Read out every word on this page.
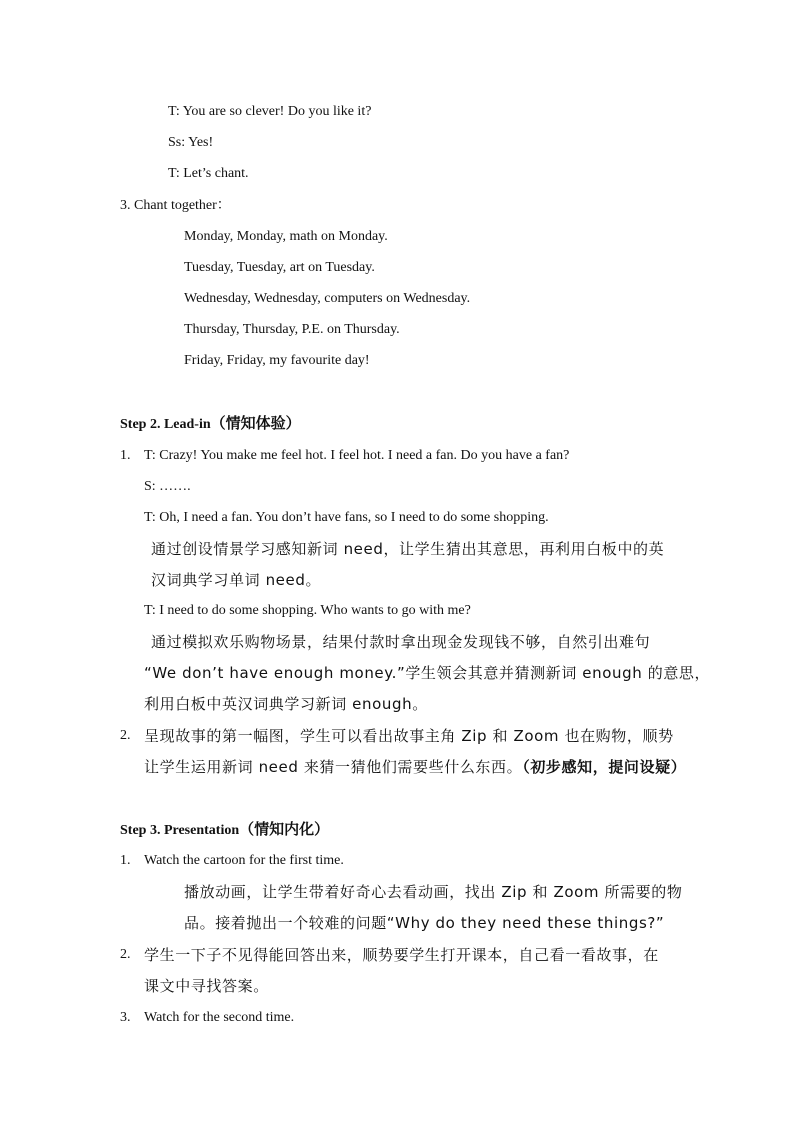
T: You are so clever! Do you like it?
Ss: Yes!
T: Let’s chant.
3. Chant together：
Monday, Monday, math on Monday.
Tuesday, Tuesday, art on Tuesday.
Wednesday, Wednesday, computers on Wednesday.
Thursday, Thursday, P.E. on Thursday.
Friday, Friday, my favourite day!
Step 2. Lead-in（情知体验）
1. T: Crazy! You make me feel hot. I feel hot. I need a fan. Do you have a fan?
S: …….
T: Oh, I need a fan. You don’t have fans, so I need to do some shopping.
通过创设情景学习感知新词 need，让学生猜出其意思，再利用白板中的英
汉词典学习单词 need。
T: I need to do some shopping. Who wants to go with me?
通过模拟欢乐购物场景，结果付款时拿出现金发现钱不够，自然引出难句
“We don’t have enough money.”学生领会其意并猜测新词 enough 的意思，
利用白板中英汉词典学习新词 enough。
2. 呈现故事的第一幅图，学生可以看出故事主角 Zip 和 Zoom 也在购物，顺势
让学生运用新词 need 来猜一猜他们需要些什么东西。（初步感知，提问设疑）
Step 3. Presentation（情知内化）
1. Watch the cartoon for the first time.
播放动画，让学生带着好奇心去看动画，找出 Zip 和 Zoom 所需要的物
品。接着抛出一个较难的问题“Why do they need these things?”
2. 学生一下子不见得能回答出来，顺势要学生打开课本，自己看一看故事，在
课文中寻找答案。
3. Watch for the second time.
